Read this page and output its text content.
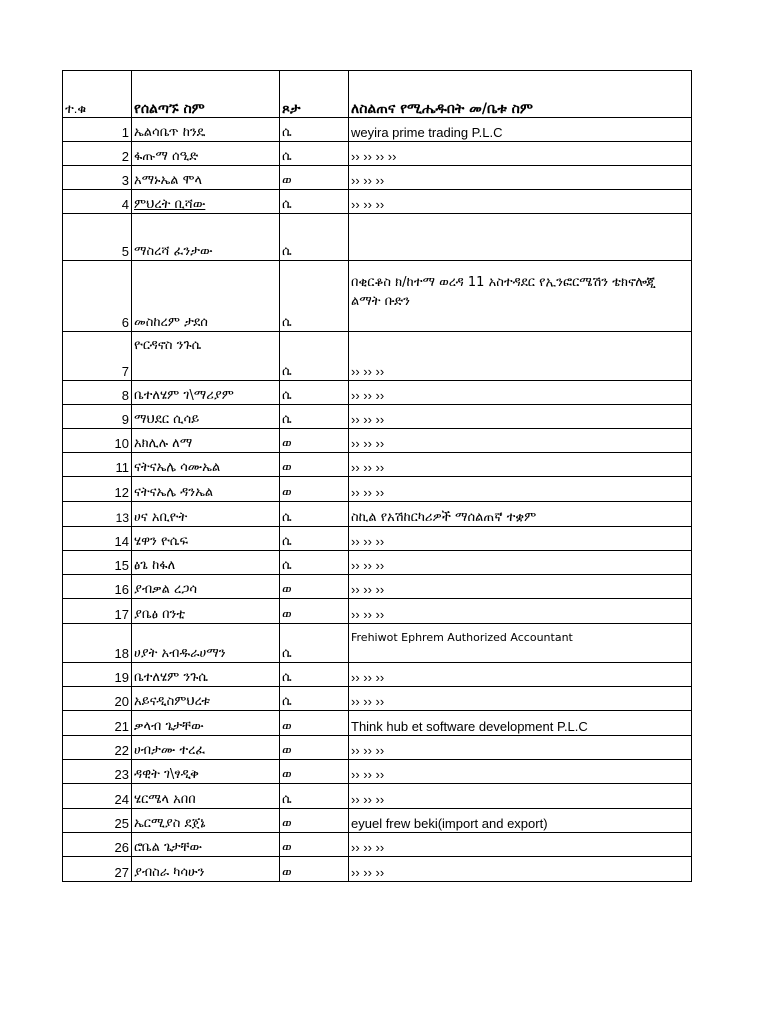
ተ.ቁ	የሰልጣኙ ስም	ጾታ	ለስልጠና የሚሔዱበት መ/ቤቱ ስም
1	ኤልሳቤጥ ከንዴ	ሴ	weyira prime trading P.L.C
2	ፋጡማ ሰዒድ	ሴ	›› ›› ›› ››
3	አማኑኤል ሞላ	ወ	›› ›› ››
4	ምህረት ቢሻው	ሴ	›› ›› ››
5	ማስረሻ ፈንታው	ሴ	
6	መስከረም ታደሰ	ሴ	በቂርቆስ ክ/ከተማ ወረዳ 11 አስተዳደር የኢንፎርሜሽን ቴክኖሎጂ ልማት ቡድን
7	ዮርዳኖስ ንጉሴ	ሴ	›› ›› ››
8	ቤተለሄም ገ\ማሪያም	ሴ	›› ›› ››
9	ማህደር ሲሳይ	ሴ	›› ›› ››
10	አክሊሉ ለማ	ወ	›› ›› ››
11	ናትናኤሌ ሳሙኤል	ወ	›› ›› ››
12	ናትናኤሌ ዳንኤል	ወ	›› ›› ››
13	ሀና አቢዮት	ሴ	ስኪል የአሽከርካሪዎች ማሰልጠኛ ተቋም
14	ሄዋን ዮሴፍ	ሴ	›› ›› ››
15	ፅጌ ከፋለ	ሴ	›› ›› ››
16	ያብቃል ረጋሳ	ወ	›› ›› ››
17	ያቤፅ በንቲ	ወ	›› ›› ››
18	ሀያት አብዱራሀማን	ሴ	Frehiwot Ephrem Authorized Accountant
19	ቤተለሄም ንጉሴ	ሴ	›› ›› ››
20	አይናዲስምህረቱ	ሴ	›› ›› ››
21	ቃላብ ጌታቸው	ወ	Think hub et software development P.L.C
22	ሀብታሙ ተረፈ	ወ	›› ›› ››
23	ዳዊት ገ\ፃዲቅ	ወ	›› ›› ››
24	ሄርሜላ አበበ	ሴ	›› ›› ››
25	ኤርሚያስ ደጀኔ	ወ	eyuel frew beki(import and export)
26	ሮቤል ጌታቸው	ወ	›› ›› ››
27	ያብስራ ካሳሁን	ወ	›› ›› ››
